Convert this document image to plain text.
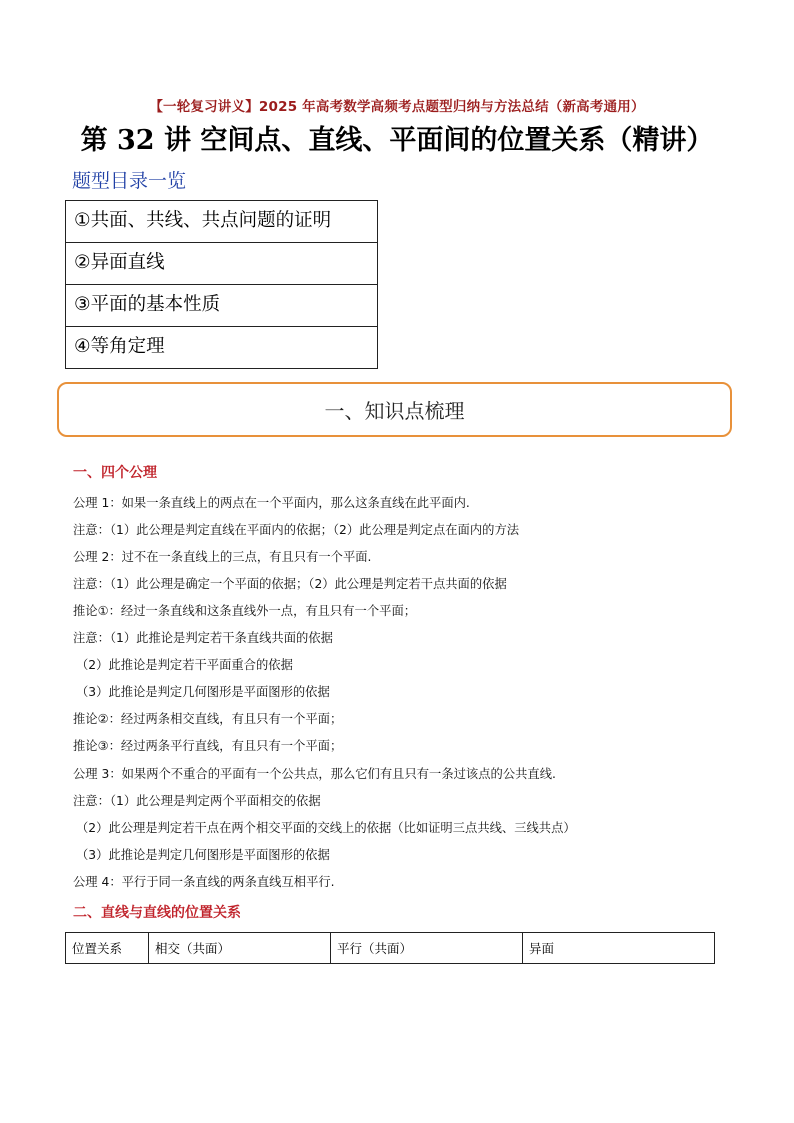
【一轮复习讲义】2025 年高考数学高频考点题型归纳与方法总结（新高考通用）
第 32 讲 空间点、直线、平面间的位置关系（精讲）
题型目录一览
①共面、共线、共点问题的证明
②异面直线
③平面的基本性质
④等角定理
一、知识点梳理
一、四个公理
公理 1：如果一条直线上的两点在一个平面内，那么这条直线在此平面内.
注意：（1）此公理是判定直线在平面内的依据；（2）此公理是判定点在面内的方法
公理 2：过不在一条直线上的三点，有且只有一个平面.
注意：（1）此公理是确定一个平面的依据；（2）此公理是判定若干点共面的依据
推论①：经过一条直线和这条直线外一点，有且只有一个平面；
注意：（1）此推论是判定若干条直线共面的依据
（2）此推论是判定若干平面重合的依据
（3）此推论是判定几何图形是平面图形的依据
推论②：经过两条相交直线，有且只有一个平面；
推论③：经过两条平行直线，有且只有一个平面；
公理 3：如果两个不重合的平面有一个公共点，那么它们有且只有一条过该点的公共直线.
注意：（1）此公理是判定两个平面相交的依据
（2）此公理是判定若干点在两个相交平面的交线上的依据（比如证明三点共线、三线共点）
（3）此推论是判定几何图形是平面图形的依据
公理 4：平行于同一条直线的两条直线互相平行.
二、直线与直线的位置关系
位置关系	相交（共面）	平行（共面）	异面
